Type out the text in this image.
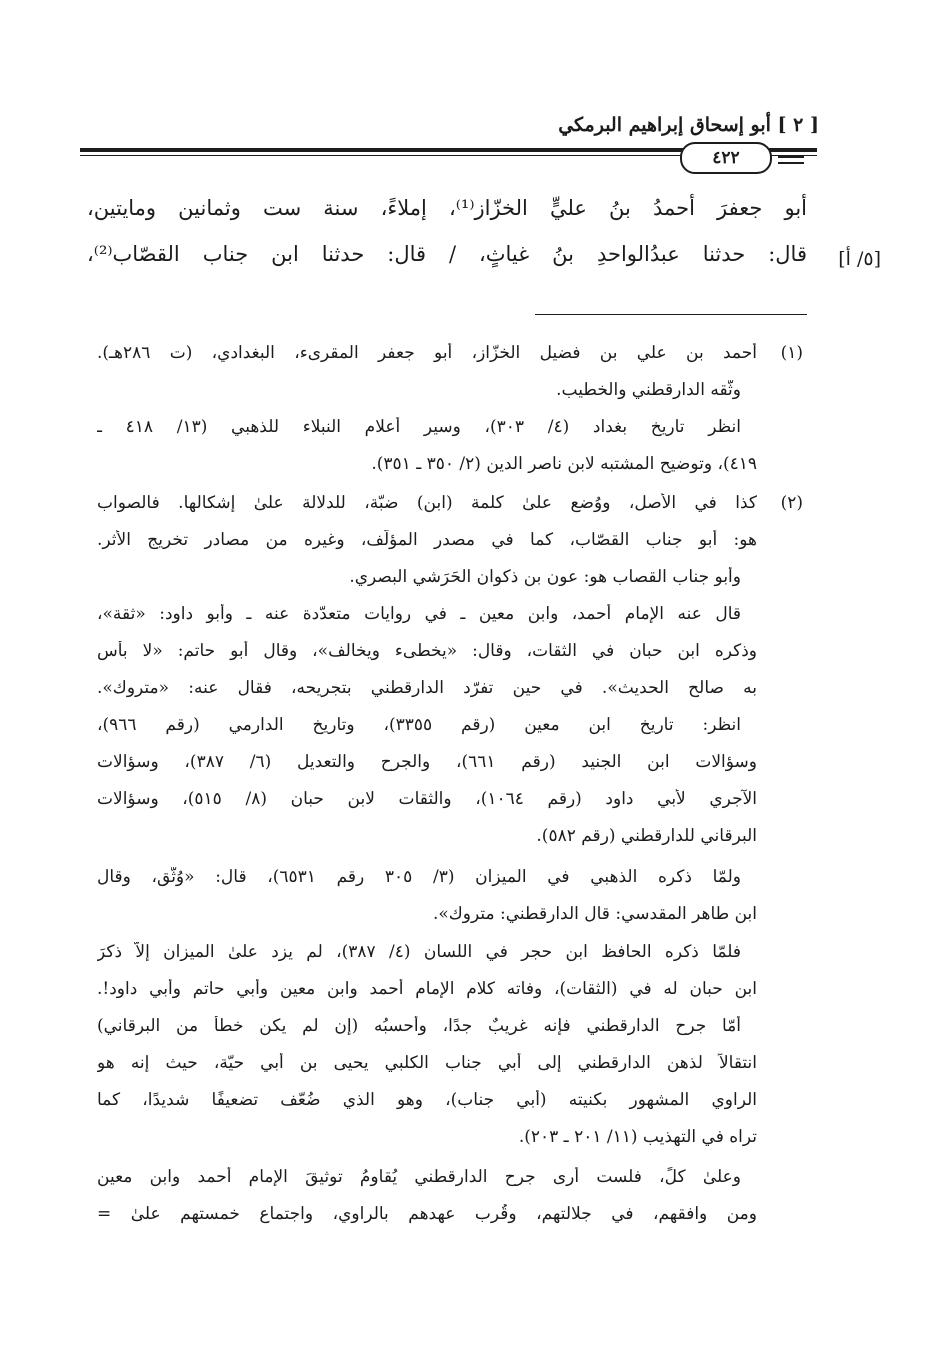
[ ٢ ] أبو إسحاق إبراهيم البرمكي
٤٢٢
أبو جعفرَ أحمدُ بنُ عليٍّ الخزّاز⁽¹⁾، إملاءً، سنة ست وثمانين ومايتين،
قال: حدثنا عبدُالواحدِ بنُ غياثٍ، / قال: حدثنا ابن جناب القصّاب⁽²⁾، [٥/ أ]
(١)
أحمد بن علي بن فضيل الخزّاز، أبو جعفر المقرىء، البغدادي، (ت ٢٨٦هـ).
وثّقه الدارقطني والخطيب.
انظر تاريخ بغداد (٤/ ٣٠٣)، وسير أعلام النبلاء للذهبي (١٣/ ٤١٨ ـ
٤١٩)، وتوضيح المشتبه لابن ناصر الدين (٢/ ٣٥٠ ـ ٣٥١).
(٢)
كذا في الأصل، ووُضع علىٰ كلمة (ابن) ضبّة، للدلالة علىٰ إشكالها. فالصواب
هو: أبو جناب القصّاب، كما في مصدر المؤلّف، وغيره من مصادر تخريج الأثر.
وأبو جناب القصاب هو: عون بن ذكوان الحَرَشي البصري.
قال عنه الإمام أحمد، وابن معين ـ في روايات متعدّدة عنه ـ وأبو داود: «ثقة»،
وذكره ابن حبان في الثقات، وقال: «يخطىء ويخالف»، وقال أبو حاتم: «لا بأس
به صالح الحديث». في حين تفرّد الدارقطني بتجريحه، فقال عنه: «متروك».
انظر: تاريخ ابن معين (رقم ٣٣٥٥)، وتاريخ الدارمي (رقم ٩٦٦)،
وسؤالات ابن الجنيد (رقم ٦٦١)، والجرح والتعديل (٦/ ٣٨٧)، وسؤالات
الآجري لأبي داود (رقم ١٠٦٤)، والثقات لابن حبان (٨/ ٥١٥)، وسؤالات
البرقاني للدارقطني (رقم ٥٨٢).
ولمّا ذكره الذهبي في الميزان (٣/ ٣٠٥ رقم ٦٥٣١)، قال: «وُثّق، وقال
ابن طاهر المقدسي: قال الدارقطني: متروك».
فلمّا ذكره الحافظ ابن حجر في اللسان (٤/ ٣٨٧)، لم يزد علىٰ الميزان إلاّ ذكرَ
ابن حبان له في (الثقات)، وفاته كلام الإمام أحمد وابن معين وأبي حاتم وأبي داود!.
أمّا جرح الدارقطني فإنه غريبٌ جدًا، وأحسبُه (إن لم يكن خطأ من البرقاني)
انتقالاً لذهن الدارقطني إلى أبي جناب الكلبي يحيى بن أبي حيّة، حيث إنه هو
الراوي المشهور بكنيته (أبي جناب)، وهو الذي ضُعّف تضعيفًا شديدًا، كما
تراه في التهذيب (١١/ ٢٠١ ـ ٢٠٣).
وعلىٰ كلٍّ، فلست أرى جرح الدارقطني يُقاومُ توثيقَ الإمام أحمد وابن معين
ومن وافقهم، في جلالتهم، وقُرب عهدهم بالراوي، واجتماع خمستهم علىٰ =
